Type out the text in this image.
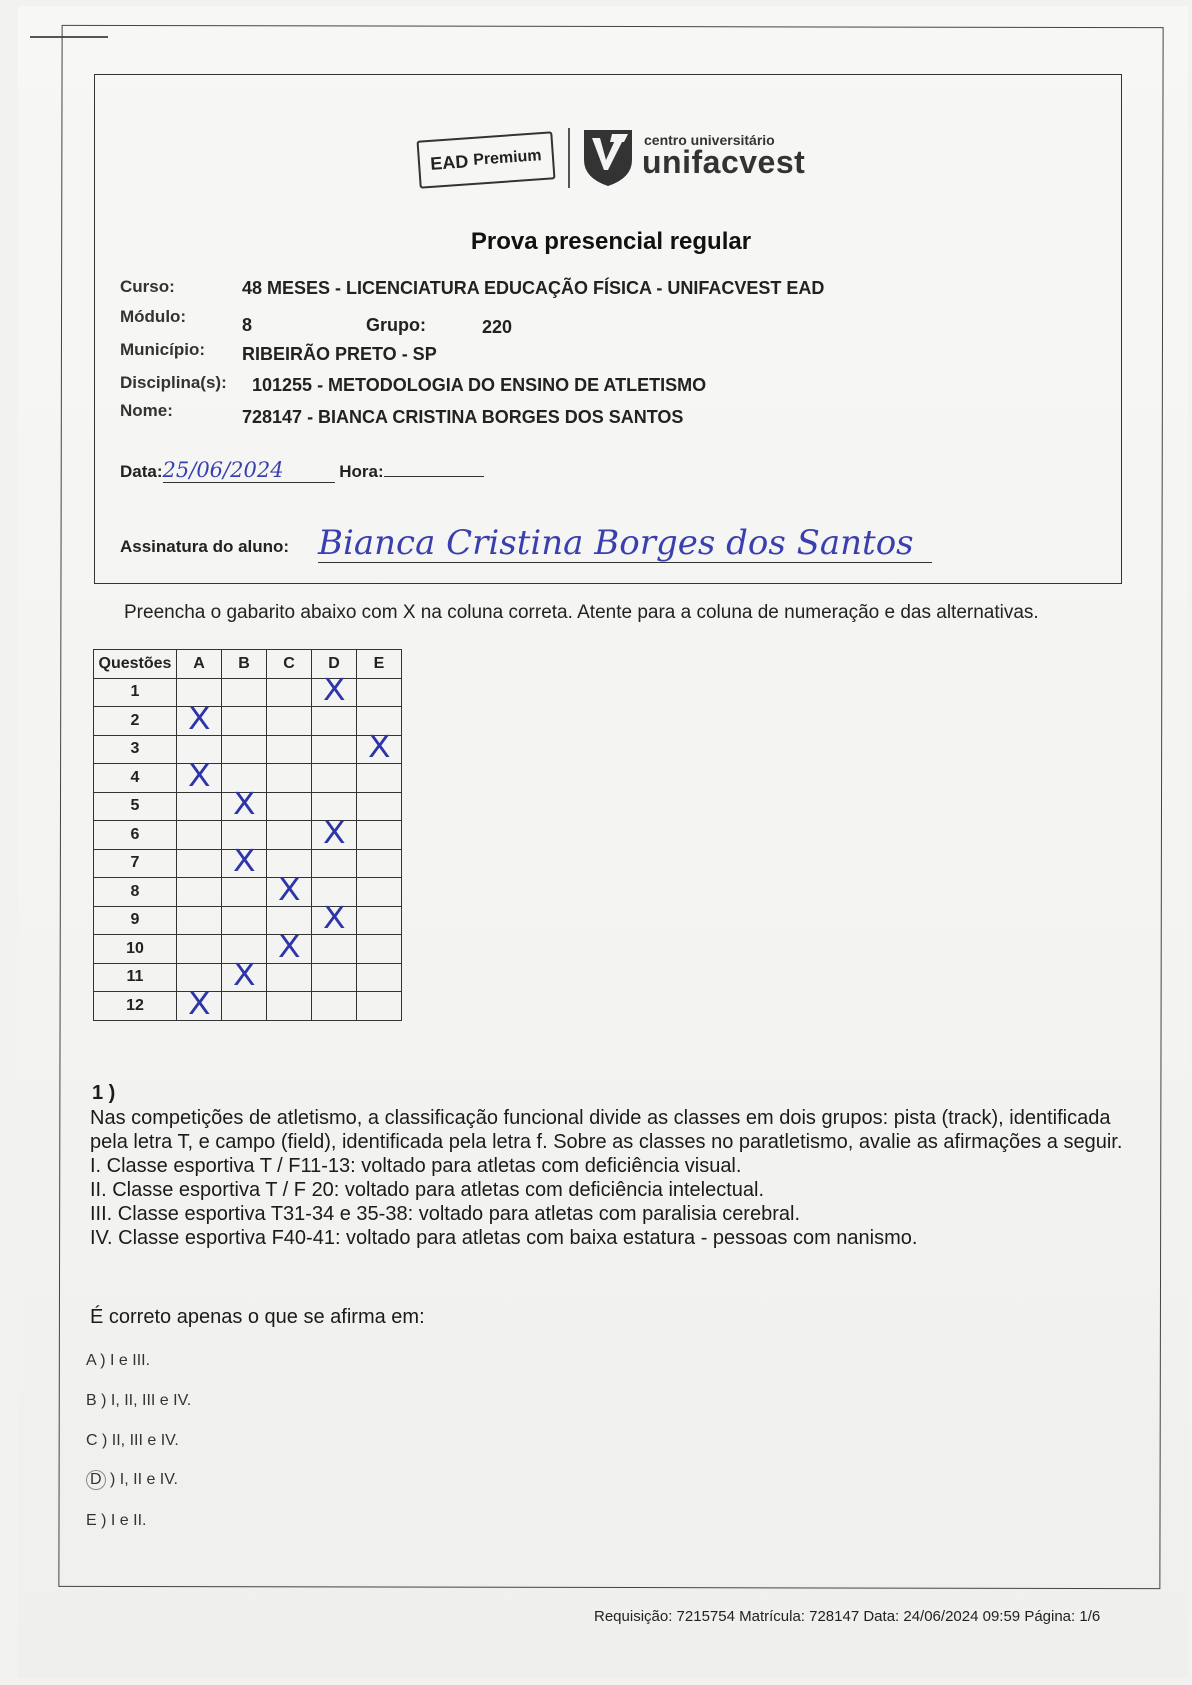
EAD Premium
centro universitário
unifacvest
Prova presencial regular
Curso:	48 MESES - LICENCIATURA EDUCAÇÃO FÍSICA - UNIFACVEST EAD
Módulo:	8	Grupo:	220
Município: RIBEIRÃO PRETO - SP
Disciplina(s): 101255 - METODOLOGIA DO ENSINO DE ATLETISMO
Nome:	728147 - BIANCA CRISTINA BORGES DOS SANTOS
Data:25/06/2024	Hora:
Assinatura do aluno: Bianca Cristina Borges dos Santos
Preencha o gabarito abaixo com X na coluna correta. Atente para a coluna de numeração e das alternativas.
Questões	A	B	C	D	E
1				X	
2	X				
3					X
4	X				
5		X			
6				X	
7		X			
8			X		
9				X	
10			X		
11		X			
12	X				
1 )

Nas competições de atletismo, a classificação funcional divide as classes em dois grupos: pista (track), identificada pela letra T, e campo (field), identificada pela letra f. Sobre as classes no paratletismo, avalie as afirmações a seguir.

I. Classe esportiva T / F11-13: voltado para atletas com deficiência visual.

II. Classe esportiva T / F 20: voltado para atletas com deficiência intelectual.

III. Classe esportiva T31-34 e 35-38: voltado para atletas com paralisia cerebral.

IV. Classe esportiva F40-41: voltado para atletas com baixa estatura - pessoas com nanismo.

É correto apenas o que se afirma em:
A ) I e III.
B ) I, II, III e IV.
C ) II, III e IV.
D ) I, II e IV.
E ) I e II.
Requisição: 7215754 Matrícula: 728147 Data: 24/06/2024 09:59 Página: 1/6
